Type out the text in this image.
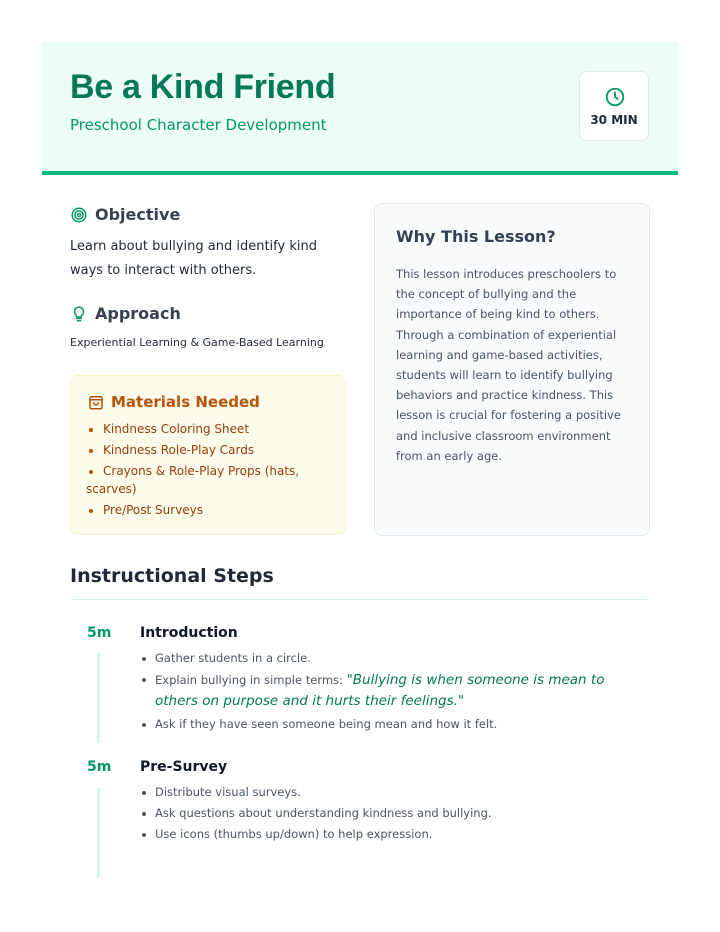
Be a Kind Friend
Preschool Character Development	30 MIN
Objective
Learn about bullying and identify kind ways to interact with others.
Approach
Experiential Learning & Game-Based Learning
Materials Needed
Kindness Coloring Sheet
Kindness Role-Play Cards
Crayons & Role-Play Props (hats, scarves)
Pre/Post Surveys
Why This Lesson?
This lesson introduces preschoolers to the concept of bullying and the importance of being kind to others. Through a combination of experiential learning and game-based activities, students will learn to identify bullying behaviors and practice kindness. This lesson is crucial for fostering a positive and inclusive classroom environment from an early age.
Instructional Steps
5m Introduction
Gather students in a circle.
Explain bullying in simple terms: "Bullying is when someone is mean to others on purpose and it hurts their feelings."
Ask if they have seen someone being mean and how it felt.
5m Pre-Survey
Distribute visual surveys.
Ask questions about understanding kindness and bullying.
Use icons (thumbs up/down) to help expression.
